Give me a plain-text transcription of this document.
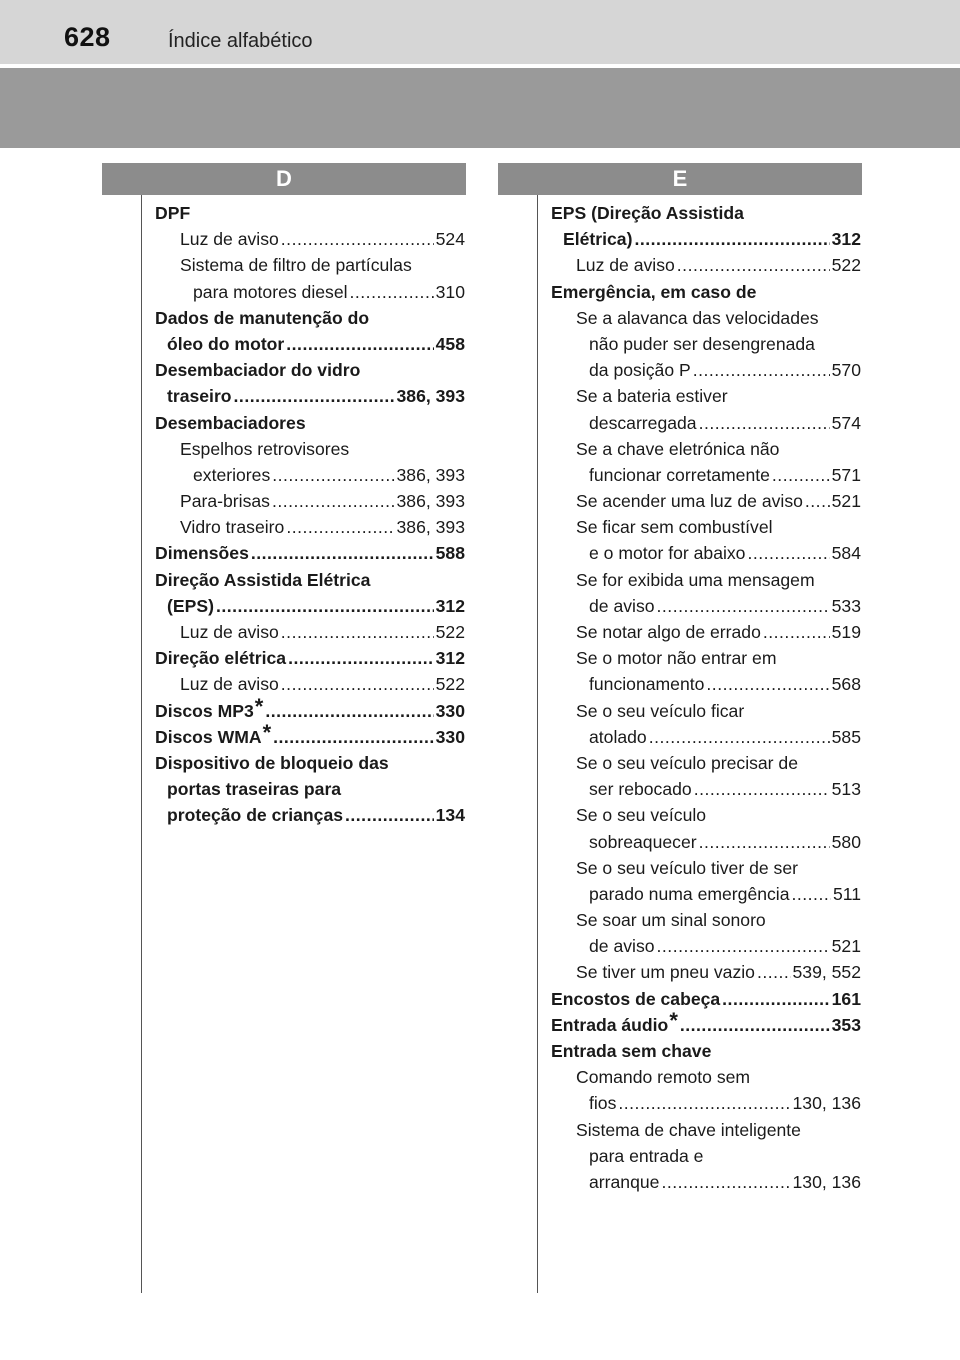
628	Índice alfabético
D	E
DPF
Luz de aviso .....	524
Sistema de filtro de partículas
para motores diesel .....	310
Dados de manutenção do
óleo do motor .....	458
Desembaciador do vidro
traseiro .....	386, 393
Desembaciadores
Espelhos retrovisores
exteriores .....	386, 393
Para-brisas .....	386, 393
Vidro traseiro .....	386, 393
Dimensões .....	588
Direção Assistida Elétrica
(EPS) .....	312
Luz de aviso .....	522
Direção elétrica .....	312
Luz de aviso .....	522
Discos MP3 * .....	330
Discos WMA * .....	330
Dispositivo de bloqueio das
portas traseiras para
proteção de crianças .....	134
EPS (Direção Assistida
Elétrica) .....	312
Luz de aviso .....	522
Emergência, em caso de
Se a alavanca das velocidades
não puder ser desengrenada
da posição P .....	570
Se a bateria estiver
descarregada .....	574
Se a chave eletrónica não
funcionar corretamente .....	571
Se acender uma luz de aviso ..... 521
Se ficar sem combustível
e o motor for abaixo .....	584
Se for exibida uma mensagem
de aviso .....	533
Se notar algo de errado .....	519
Se o motor não entrar em
funcionamento .....	568
Se o seu veículo ficar
atolado .....	585
Se o seu veículo precisar de
ser rebocado .....	513
Se o seu veículo
sobreaquecer .....	580
Se o seu veículo tiver de ser
parado numa emergência ..... 511
Se soar um sinal sonoro
de aviso .....	521
Se tiver um pneu vazio ..... 539, 552
Encostos de cabeça .....	161
Entrada áudio * .....	353
Entrada sem chave
Comando remoto sem
fios .....	130, 136
Sistema de chave inteligente
para entrada e
arranque .....	130, 136
